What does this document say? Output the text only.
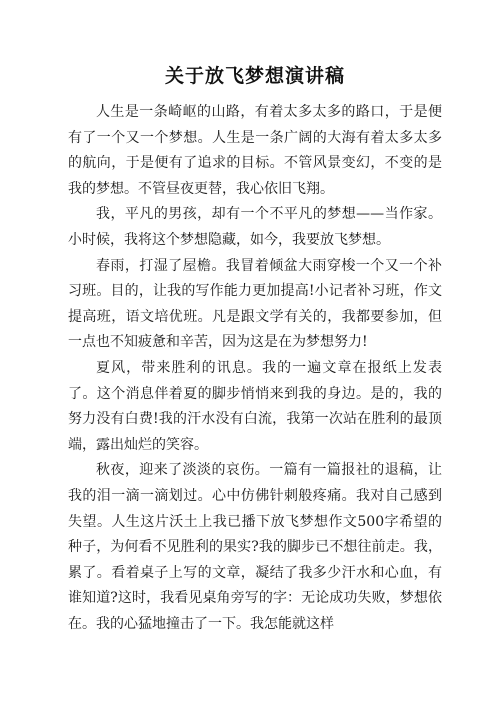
关于放飞梦想演讲稿

人生是一条崎岖的山路，有着太多太多的路口，于是便有了一个又一个梦想。人生是一条广阔的大海有着太多太多的航向，于是便有了追求的目标。不管风景变幻，不变的是我的梦想。不管昼夜更替，我心依旧飞翔。

我，平凡的男孩，却有一个不平凡的梦想——当作家。小时候，我将这个梦想隐藏，如今，我要放飞梦想。

春雨，打湿了屋檐。我冒着倾盆大雨穿梭一个又一个补习班。目的，让我的写作能力更加提高!小记者补习班，作文提高班，语文培优班。凡是跟文学有关的，我都要参加，但一点也不知疲惫和辛苦，因为这是在为梦想努力!

夏风，带来胜利的讯息。我的一遍文章在报纸上发表了。这个消息伴着夏的脚步悄悄来到我的身边。是的，我的努力没有白费!我的汗水没有白流，我第一次站在胜利的最顶端，露出灿烂的笑容。

秋夜，迎来了淡淡的哀伤。一篇有一篇报社的退稿，让我的泪一滴一滴划过。心中仿佛针刺般疼痛。我对自己感到失望。人生这片沃土上我已播下放飞梦想作文500字希望的种子，为何看不见胜利的果实?我的脚步已不想往前走。我，累了。看着桌子上写的文章，凝结了我多少汗水和心血，有谁知道?这时，我看见桌角旁写的字：无论成功失败，梦想依在。我的心猛地撞击了一下。我怎能就这样
